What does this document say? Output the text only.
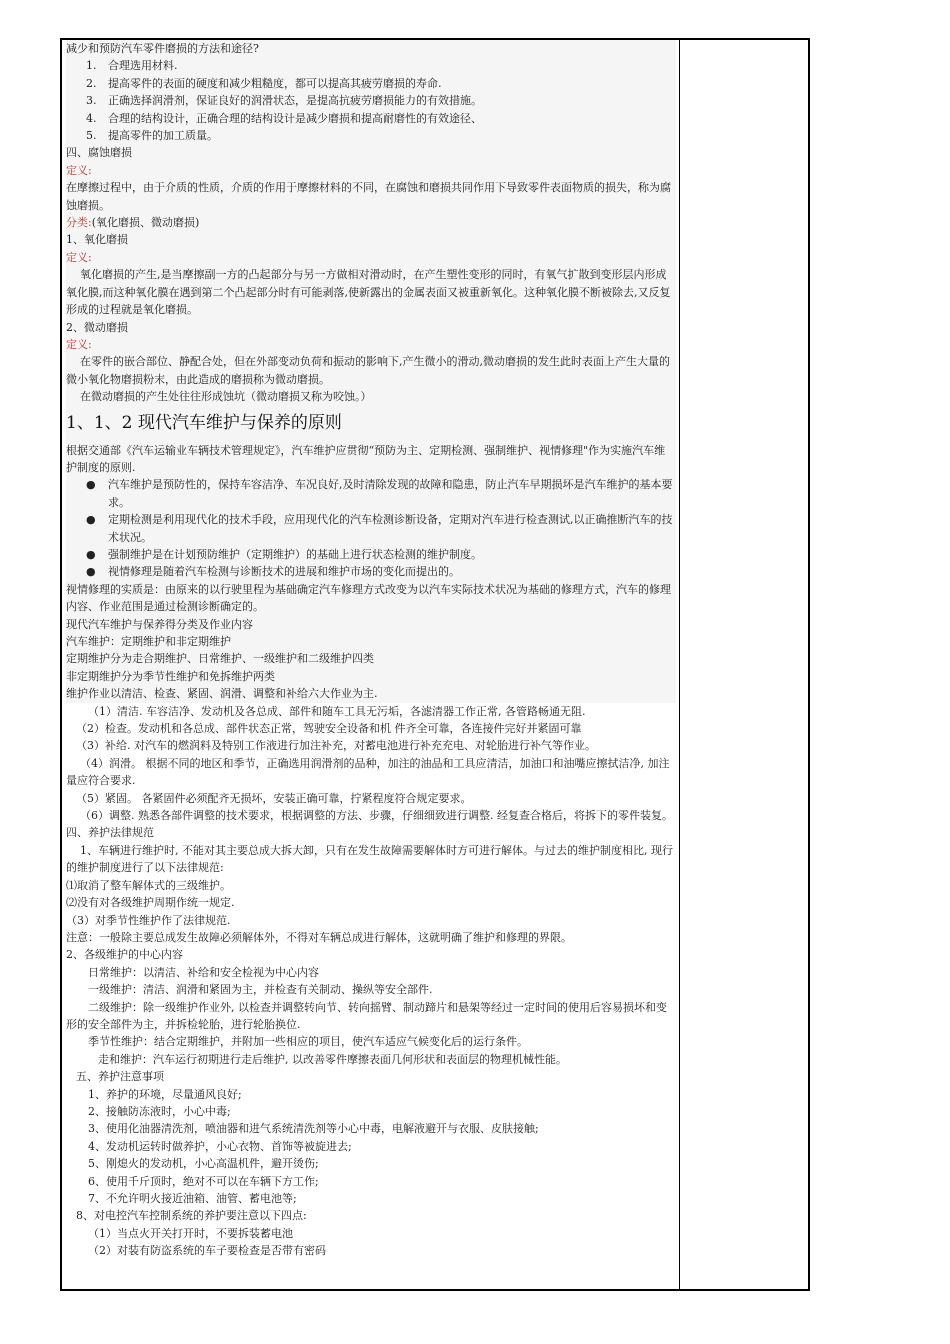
减少和预防汽车零件磨损的方法和途径?

1. 合理选用材料.

2. 提高零件的表面的硬度和减少粗糙度，都可以提高其疲劳磨损的寿命.

3. 正确选择润滑剂，保证良好的润滑状态，是提高抗疲劳磨损能力的有效措施。

4. 合理的结构设计，正确合理的结构设计是减少磨损和提高耐磨性的有效途径、

5. 提高零件的加工质量。

四、腐蚀磨损

定义:

在摩擦过程中，由于介质的性质，介质的作用于摩擦材料的不同，在腐蚀和磨损共同作用下导致零件表面物质的损失，称为腐蚀磨损。

分类:(氧化磨损、微动磨损)

1、氧化磨损

定义:

氧化磨损的产生,是当摩擦副一方的凸起部分与另一方做相对滑动时，在产生塑性变形的同时，有氧气扩散到变形层内形成氧化膜,而这种氧化膜在遇到第二个凸起部分时有可能剥落,使新露出的金属表面又被重新氧化。这种氧化膜不断被除去,又反复形成的过程就是氧化磨损。

2、微动磨损

定义:

在零件的嵌合部位、静配合处，但在外部变动负荷和振动的影响下,产生微小的滑动,微动磨损的发生此时表面上产生大量的微小氧化物磨损粉末，由此造成的磨损称为微动磨损。

在微动磨损的产生处往往形成蚀坑（微动磨损又称为咬蚀。）

1、1、2 现代汽车维护与保养的原则

根据交通部《汽车运输业车辆技术管理规定》，汽车维护应贯彻“预防为主、定期检测、强制维护、视情修理"作为实施汽车维护制度的原则.

●	汽车维护是预防性的，保持车容洁净、车况良好,及时清除发现的故障和隐患，防止汽车早期损坏是汽车维护的基本要求。
●	定期检测是利用现代化的技术手段，应用现代化的汽车检测诊断设备，定期对汽车进行检查测试,以正确推断汽车的技术状况。
●	强制维护是在计划预防维护（定期维护）的基础上进行状态检测的维护制度。
●	视情修理是随着汽车检测与诊断技术的进展和维护市场的变化而提出的。

视情修理的实质是：由原来的以行驶里程为基础确定汽车修理方式改变为以汽车实际技术状况为基础的修理方式，汽车的修理内容、作业范围是通过检测诊断确定的。

现代汽车维护与保养得分类及作业内容

汽车维护：定期维护和非定期维护

定期维护分为走合期维护、日常维护、一级维护和二级维护四类

非定期维护分为季节性维护和免拆维护两类

维护作业以清洁、检查、紧固、润滑、调整和补给六大作业为主.

（1）清洁. 车容洁净、发动机及各总成、部件和随车工具无污垢，各滤清器工作正常, 各管路畅通无阻.

（2）检查。发动机和各总成、部件状态正常，驾驶安全设备和机 件齐全可靠，各连接件完好并紧固可靠

（3）补给. 对汽车的燃润料及特别工作液进行加注补充，对蓄电池进行补充充电、对轮胎进行补气等作业。

（4）润滑。 根据不同的地区和季节，正确选用润滑剂的品种，加注的油品和工具应清洁，加油口和油嘴应擦拭洁净, 加注量应符合要求.

（5）紧固。 各紧固件必须配齐无损坏，安装正确可靠，拧紧程度符合规定要求。

（6）调整. 熟悉各部件调整的技术要求，根据调整的方法、步骤，仔细细致进行调整. 经复查合格后，将拆下的零件装复。

四、养护法律规范

1、车辆进行维护时, 不能对其主要总成大拆大卸，只有在发生故障需要解体时方可进行解体。与过去的维护制度相比, 现行的维护制度进行了以下法律规范:

⑴取消了整车解体式的三级维护。

⑵没有对各级维护周期作统一规定.

（3）对季节性维护作了法律规范.

注意：一般除主要总成发生故障必须解体外，不得对车辆总成进行解体，这就明确了维护和修理的界限。

2、各级维护的中心内容

日常维护：以清洁、补给和安全检视为中心内容

一级维护：清洁、润滑和紧固为主，并检查有关制动、操纵等安全部件.

二级维护：除一级维护作业外, 以检查并调整转向节、转向摇臂、制动蹄片和悬架等经过一定时间的使用后容易损坏和变形的安全部件为主，并拆检轮胎，进行轮胎换位.

季节性维护：结合定期维护，并附加一些相应的项目，使汽车适应气候变化后的运行条件。

走和维护：汽车运行初期进行走后维护, 以改善零件摩擦表面几何形状和表面层的物理机械性能。

五、养护注意事项

1、养护的环境，尽量通风良好;

2、接触防冻液时，小心中毒;

3、使用化油器清洗剂，喷油器和进气系统清洗剂等小心中毒，电解液避开与衣服、皮肤接触;

4、发动机运转时做养护，小心衣物、首饰等被旋进去;

5、刚熄火的发动机，小心高温机件，避开烫伤;

6、使用千斤顶时，绝对不可以在车辆下方工作;

7、不允许明火接近油箱、油管、蓄电池等;

8、对电控汽车控制系统的养护要注意以下四点:

（1）当点火开关打开时，不要拆装蓄电池

（2）对装有防盗系统的车子要检查是否带有密码
